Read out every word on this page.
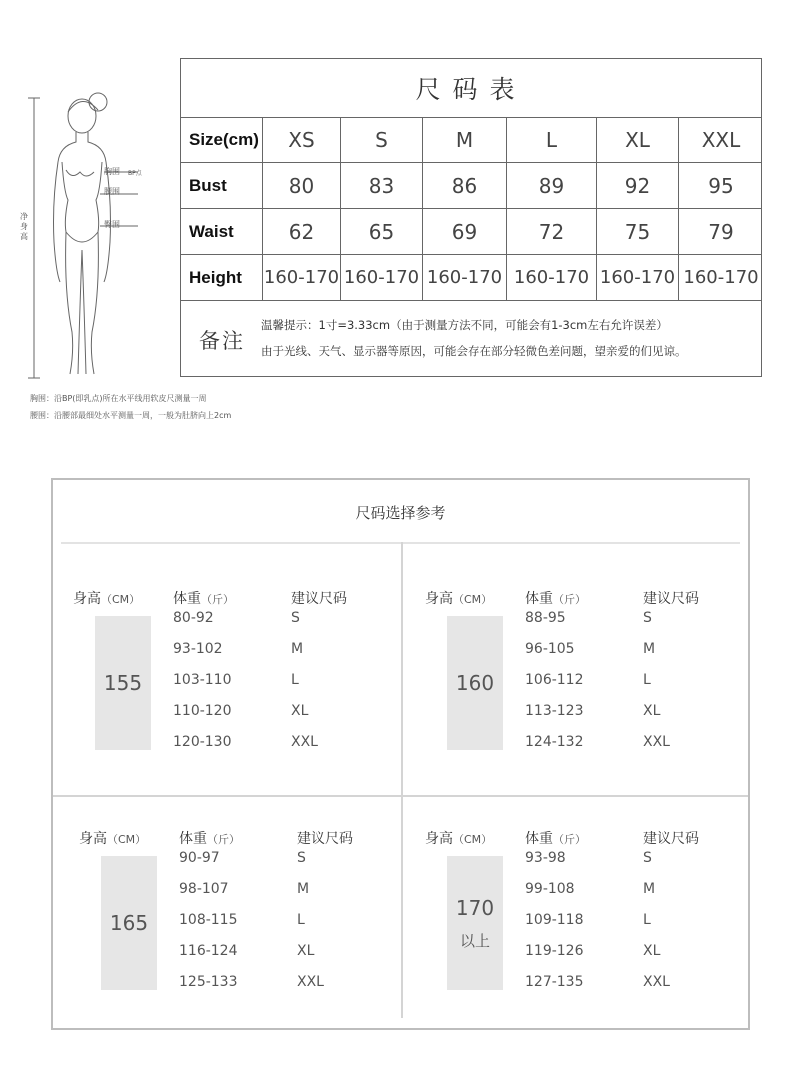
胸围 BP点
腰围
臀围
净身高
胸围：沿BP(即乳点)所在水平线用软皮尺测量一周
腰围：沿腰部最细处水平测量一周，一般为肚脐向上2cm
尺码表
Size(cm)	XS	S	M	L	XL	XXL
Bust	80	83	86	89	92	95
Waist	62	65	69	72	75	79
Height	160-170 160-170 160-170 160-170 160-170 160-170
备注
温馨提示：1寸=3.33cm（由于测量方法不同，可能会有1-3cm左右允许误差）
由于光线、天气、显示器等原因，可能会存在部分轻微色差问题，望亲爱的们见谅。
尺码选择参考
身高（CM） 体重（斤）	建议尺码
155
80-92	S
93-102	M
103-110	L
110-120	XL
120-130	XXL
身高（CM） 体重（斤）	建议尺码
160
88-95	S
96-105	M
106-112	L
113-123	XL
124-132	XXL
身高（CM） 体重（斤）	建议尺码
165
90-97	S
98-107	M
108-115	L
116-124	XL
125-133	XXL
身高（CM） 体重（斤）	建议尺码
170
以上
93-98	S
99-108	M
109-118	L
119-126	XL
127-135	XXL
